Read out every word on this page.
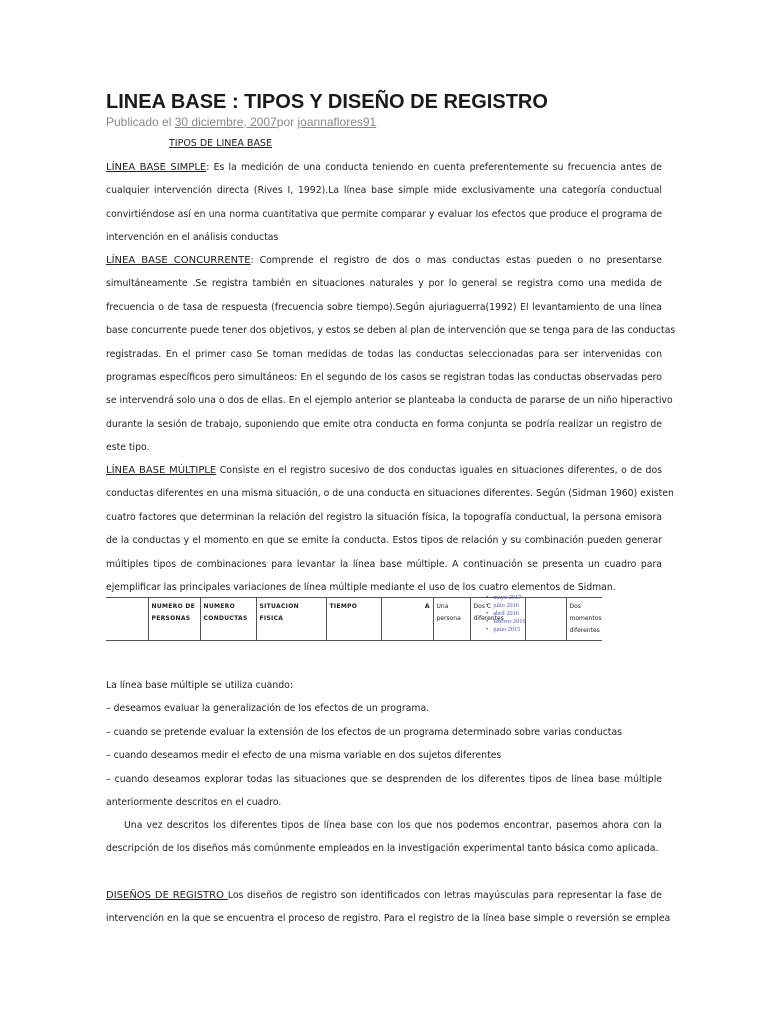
LINEA BASE : TIPOS Y DISEÑO DE REGISTRO
Publicado el 30 diciembre, 2007por joannaflores91
TIPOS DE LINEA BASE
LÍNEA BASE SIMPLE: Es la medición de una conducta teniendo en cuenta preferentemente su frecuencia antes de
cualquier intervención directa (Rives I, 1992).La línea base simple mide exclusivamente una categoría conductual
convirtiéndose así en una norma cuantitativa que permite comparar y evaluar los efectos que produce el programa de
intervención en el análisis conductas
LÍNEA BASE CONCURRENTE: Comprende el registro de dos o mas conductas estas pueden o no presentarse
simultáneamente .Se registra también en situaciones naturales y por lo general se registra como una medida de
frecuencia o de tasa de respuesta (frecuencia sobre tiempo).Según ajuriaguerra(1992) El levantamiento de una línea
base concurrente puede tener dos objetivos, y estos se deben al plan de intervención que se tenga para de las conductas
registradas. En el primer caso Se toman medidas de todas las conductas seleccionadas para ser intervenidas con
programas específicos pero simultáneos: En el segundo de los casos se registran todas las conductas observadas pero
se intervendrá solo una o dos de ellas. En el ejemplo anterior se planteaba la conducta de pararse de un niño hiperactivo
durante la sesión de trabajo, suponiendo que emite otra conducta en forma conjunta se podría realizar un registro de
este tipo.
LÍNEA BASE MÚLTIPLE Consiste en el registro sucesivo de dos conductas iguales en situaciones diferentes, o de dos
conductas diferentes en una misma situación, o de una conducta en situaciones diferentes. Según (Sidman 1960) existen
cuatro factores que determinan la relación del registro la situación física, la topografía conductual, la persona emisora
de la conductas y el momento en que se emite la conducta. Estos tipos de relación y su combinación pueden generar
múltiples tipos de combinaciones para levantar la línea base múltiple. A continuación se presenta un cuadro para
ejemplificar las principales variaciones de línea múltiple mediante el uso de los cuatro elementos de Sidman.
	NUMERO DE PERSONAS	NUMERO CONDUCTAS	SITUACION FISICA	TIEMPO	A	Una persona	Dos C diferentes		Dos momentos diferentes
• mayo 2017
• julio 2016
• abril 2016
• febrero 2016
• junio 2015
La línea base múltiple se utiliza cuando:
– deseamos evaluar la generalización de los efectos de un programa.
– cuando se pretende evaluar la extensión de los efectos de un programa determinado sobre varias conductas
– cuando deseamos medir el efecto de una misma variable en dos sujetos diferentes
– cuando deseamos explorar todas las situaciones que se desprenden de los diferentes tipos de línea base múltiple
anteriormente descritos en el cuadro.
Una vez descritos los diferentes tipos de línea base con los que nos podemos encontrar, pasemos ahora con la
descripción de los diseños más comúnmente empleados en la investigación experimental tanto básica como aplicada.
DISEÑOS DE REGISTRO Los diseños de registro son identificados con letras mayúsculas para representar la fase de
intervención en la que se encuentra el proceso de registro. Para el registro de la línea base simple o reversión se emplea
